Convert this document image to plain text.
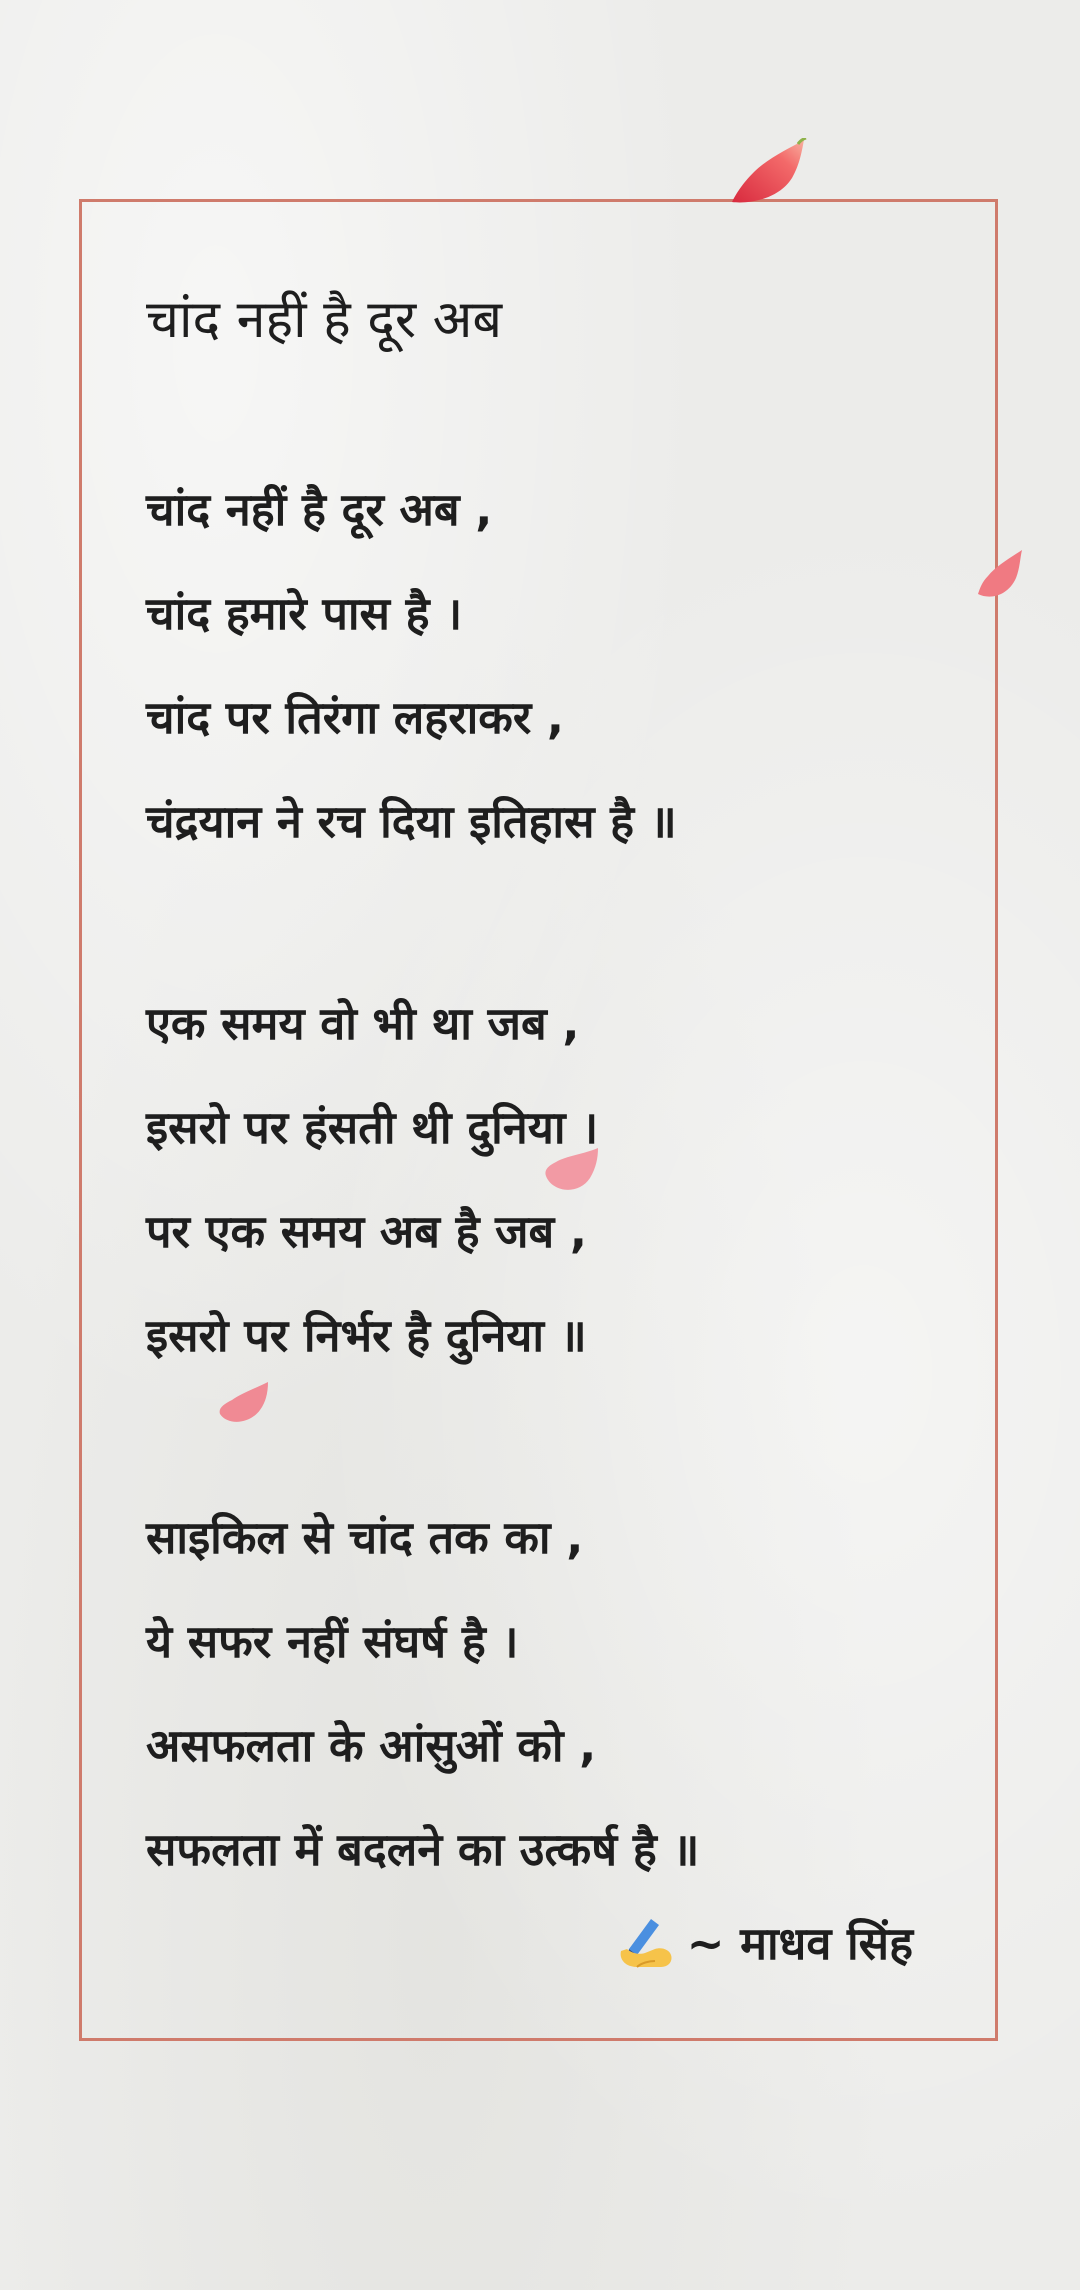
चांद नहीं है दूर अब
चांद नहीं है दूर अब ,
चांद हमारे पास है ।
चांद पर तिरंगा लहराकर ,
चंद्रयान ने रच दिया इतिहास है ॥
एक समय वो भी था जब ,
इसरो पर हंसती थी दुनिया ।
पर एक समय अब है जब ,
इसरो पर निर्भर है दुनिया ॥
साइकिल से चांद तक का ,
ये सफर नहीं संघर्ष है ।
असफलता के आंसुओं को ,
सफलता में बदलने का उत्कर्ष है ॥
~ माधव सिंह
